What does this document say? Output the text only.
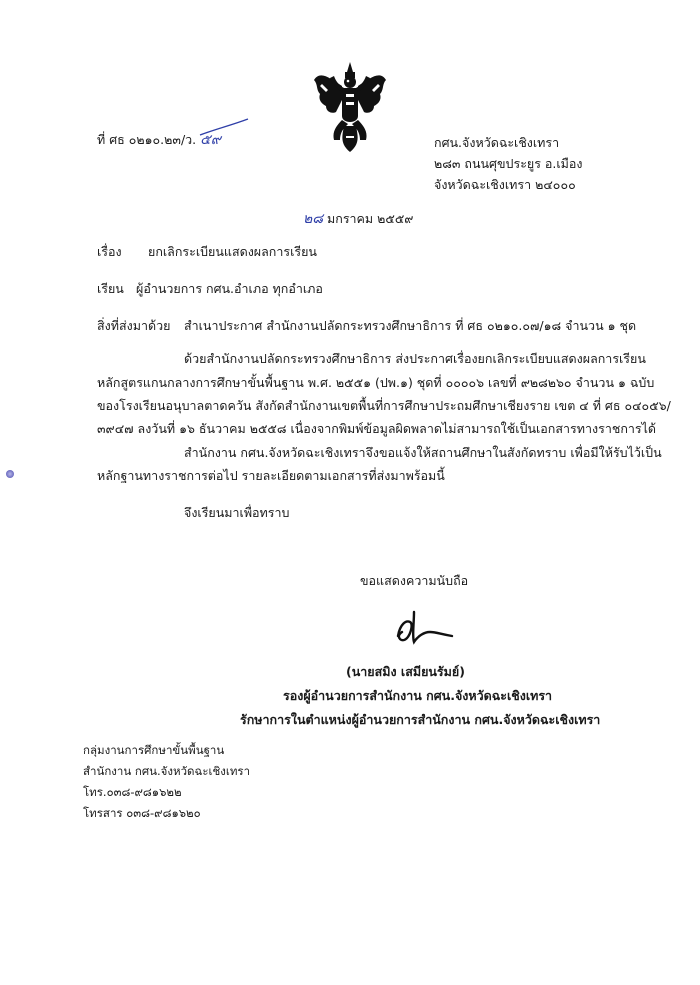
ที่ ศธ ๐๒๑๐.๒๓/ว. ๕๙	กศน.จังหวัดฉะเชิงเทรา
๒๘๓ ถนนศุขประยูร อ.เมือง
จังหวัดฉะเชิงเทรา ๒๔๐๐๐
๒๘ มกราคม ๒๕๕๙
เรื่อง ยกเลิกระเบียนแสดงผลการเรียน
เรียน ผู้อำนวยการ กศน.อำเภอ ทุกอำเภอ
สิ่งที่ส่งมาด้วย สำเนาประกาศ สำนักงานปลัดกระทรวงศึกษาธิการ ที่ ศธ ๐๒๑๐.๐๗/๑๘ จำนวน ๑ ชุด
ด้วยสำนักงานปลัดกระทรวงศึกษาธิการ ส่งประกาศเรื่องยกเลิกระเบียบแสดงผลการเรียน
หลักสูตรแกนกลางการศึกษาขั้นพื้นฐาน พ.ศ. ๒๕๕๑ (ปพ.๑) ชุดที่ ๐๐๐๐๖ เลขที่ ๙๒๘๒๖๐ จำนวน ๑ ฉบับ
ของโรงเรียนอนุบาลตาดควัน สังกัดสำนักงานเขตพื้นที่การศึกษาประถมศึกษาเชียงราย เขต ๔ ที่ ศธ ๐๔๐๕๖/
๓๙๔๗ ลงวันที่ ๑๖ ธันวาคม ๒๕๕๘ เนื่องจากพิมพ์ข้อมูลผิดพลาดไม่สามารถใช้เป็นเอกสารทางราชการได้
สำนักงาน กศน.จังหวัดฉะเชิงเทราจึงขอแจ้งให้สถานศึกษาในสังกัดทราบ เพื่อมีให้รับไว้เป็น
หลักฐานทางราชการต่อไป รายละเอียดตามเอกสารที่ส่งมาพร้อมนี้
จึงเรียนมาเพื่อทราบ
ขอแสดงความนับถือ
(นายสมิง เสมียนรัมย์)
รองผู้อำนวยการสำนักงาน กศน.จังหวัดฉะเชิงเทรา
รักษาการในตำแหน่งผู้อำนวยการสำนักงาน กศน.จังหวัดฉะเชิงเทรา
กลุ่มงานการศึกษาขั้นพื้นฐาน
สำนักงาน กศน.จังหวัดฉะเชิงเทรา
โทร.๐๓๘-๙๘๑๖๒๒
โทรสาร ๐๓๘-๙๘๑๖๒๐
